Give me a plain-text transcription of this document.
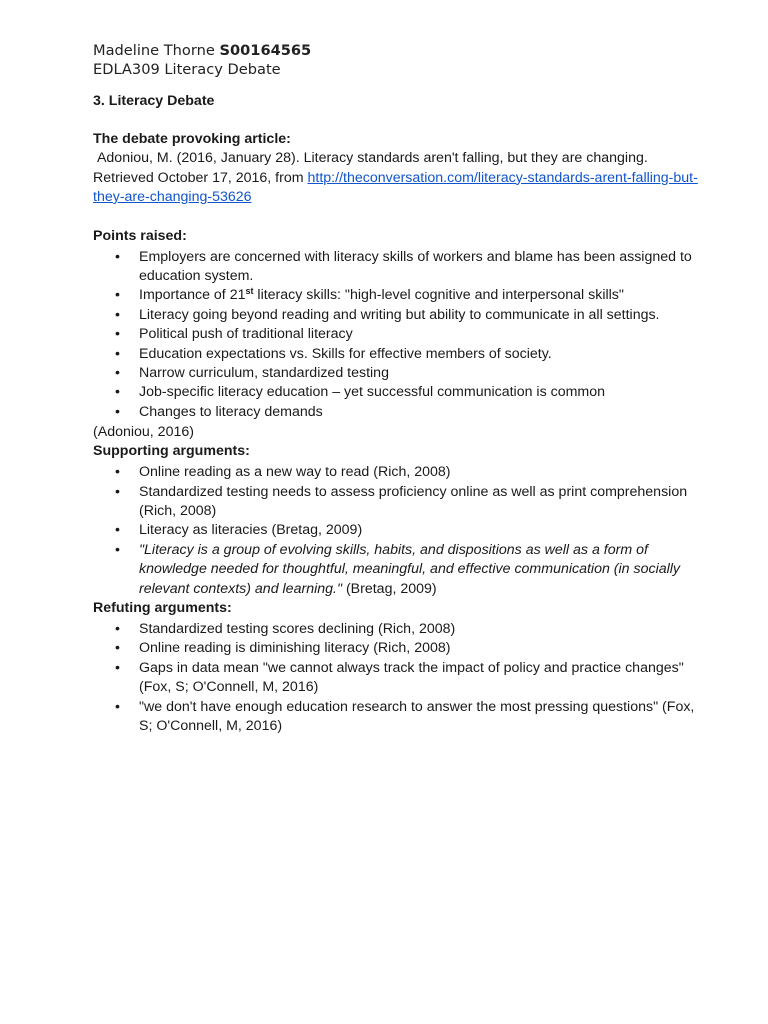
Madeline Thorne S00164565
EDLA309 Literacy Debate
3. Literacy Debate
The debate provoking article:
Adoniou, M. (2016, January 28). Literacy standards aren't falling, but they are changing. Retrieved October 17, 2016, from http://theconversation.com/literacy-standards-arent-falling-but-they-are-changing-53626
Points raised:
• Employers are concerned with literacy skills of workers and blame has been assigned to education system.
• Importance of 21st literacy skills: "high-level cognitive and interpersonal skills"
• Literacy going beyond reading and writing but ability to communicate in all settings.
• Political push of traditional literacy
• Education expectations vs. Skills for effective members of society.
• Narrow curriculum, standardized testing
• Job-specific literacy education – yet successful communication is common
• Changes to literacy demands
(Adoniou, 2016)
Supporting arguments:
• Online reading as a new way to read (Rich, 2008)
• Standardized testing needs to assess proficiency online as well as print comprehension (Rich, 2008)
• Literacy as literacies (Bretag, 2009)
• "Literacy is a group of evolving skills, habits, and dispositions as well as a form of knowledge needed for thoughtful, meaningful, and effective communication (in socially relevant contexts) and learning." (Bretag, 2009)
Refuting arguments:
• Standardized testing scores declining (Rich, 2008)
• Online reading is diminishing literacy (Rich, 2008)
• Gaps in data mean "we cannot always track the impact of policy and practice changes" (Fox, S; O'Connell, M, 2016)
• "we don't have enough education research to answer the most pressing questions" (Fox, S; O'Connell, M, 2016)
